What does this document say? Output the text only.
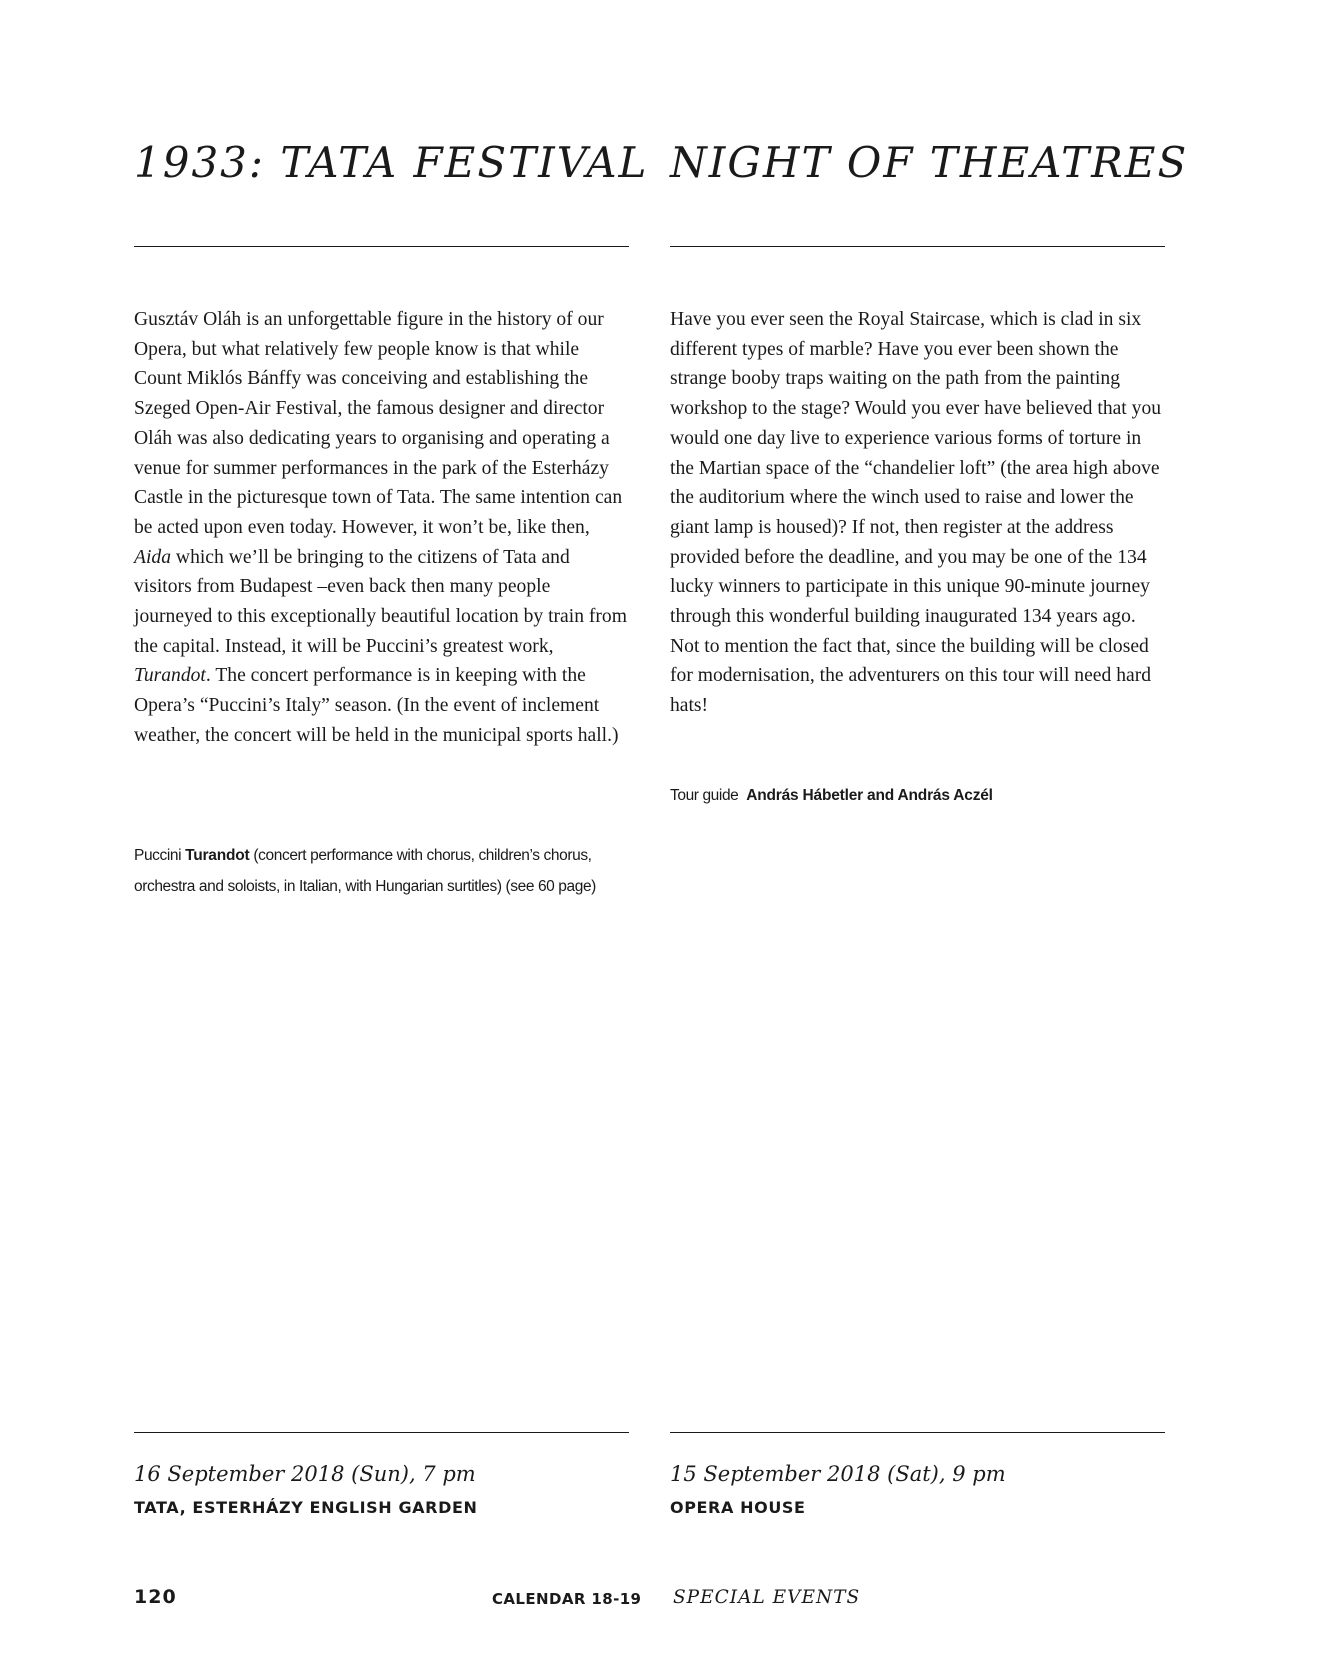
1933: TATA FESTIVAL

Gusztáv Oláh is an unforgettable figure in the history of our Opera, but what relatively few people know is that while Count Miklós Bánffy was conceiving and establishing the Szeged Open-Air Festival, the famous designer and director Oláh was also dedicating years to organising and operating a venue for summer performances in the park of the Esterházy Castle in the picturesque town of Tata. The same intention can be acted upon even today. However, it won’t be, like then, Aida which we’ll be bringing to the citizens of Tata and visitors from Budapest –even back then many people journeyed to this exceptionally beautiful location by train from the capital. Instead, it will be Puccini’s greatest work, Turandot. The concert performance is in keeping with the Opera’s “Puccini’s Italy” season. (In the event of inclement weather, the concert will be held in the municipal sports hall.)

Puccini Turandot (concert performance with chorus, children’s chorus,
orchestra and soloists, in Italian, with Hungarian surtitles) (see 60 page)

16 September 2018 (Sun), 7 pm

TATA, ESTERHÁZY ENGLISH GARDEN

NIGHT OF THEATRES

Have you ever seen the Royal Staircase, which is clad in six different types of marble? Have you ever been shown the strange booby traps waiting on the path from the painting workshop to the stage? Would you ever have believed that you would one day live to experience various forms of torture in the Martian space of the “chandelier loft” (the area high above the auditorium where the winch used to raise and lower the giant lamp is housed)? If not, then register at the address provided before the deadline, and you may be one of the 134 lucky winners to participate in this unique 90-minute journey through this wonderful building inaugurated 134 years ago. Not to mention the fact that, since the building will be closed for modernisation, the adventurers on this tour will need hard hats!

Tour guide András Hábetler and András Aczél

15 September 2018 (Sat), 9 pm

OPERA HOUSE

120	CALENDAR 18-19 SPECIAL EVENTS
